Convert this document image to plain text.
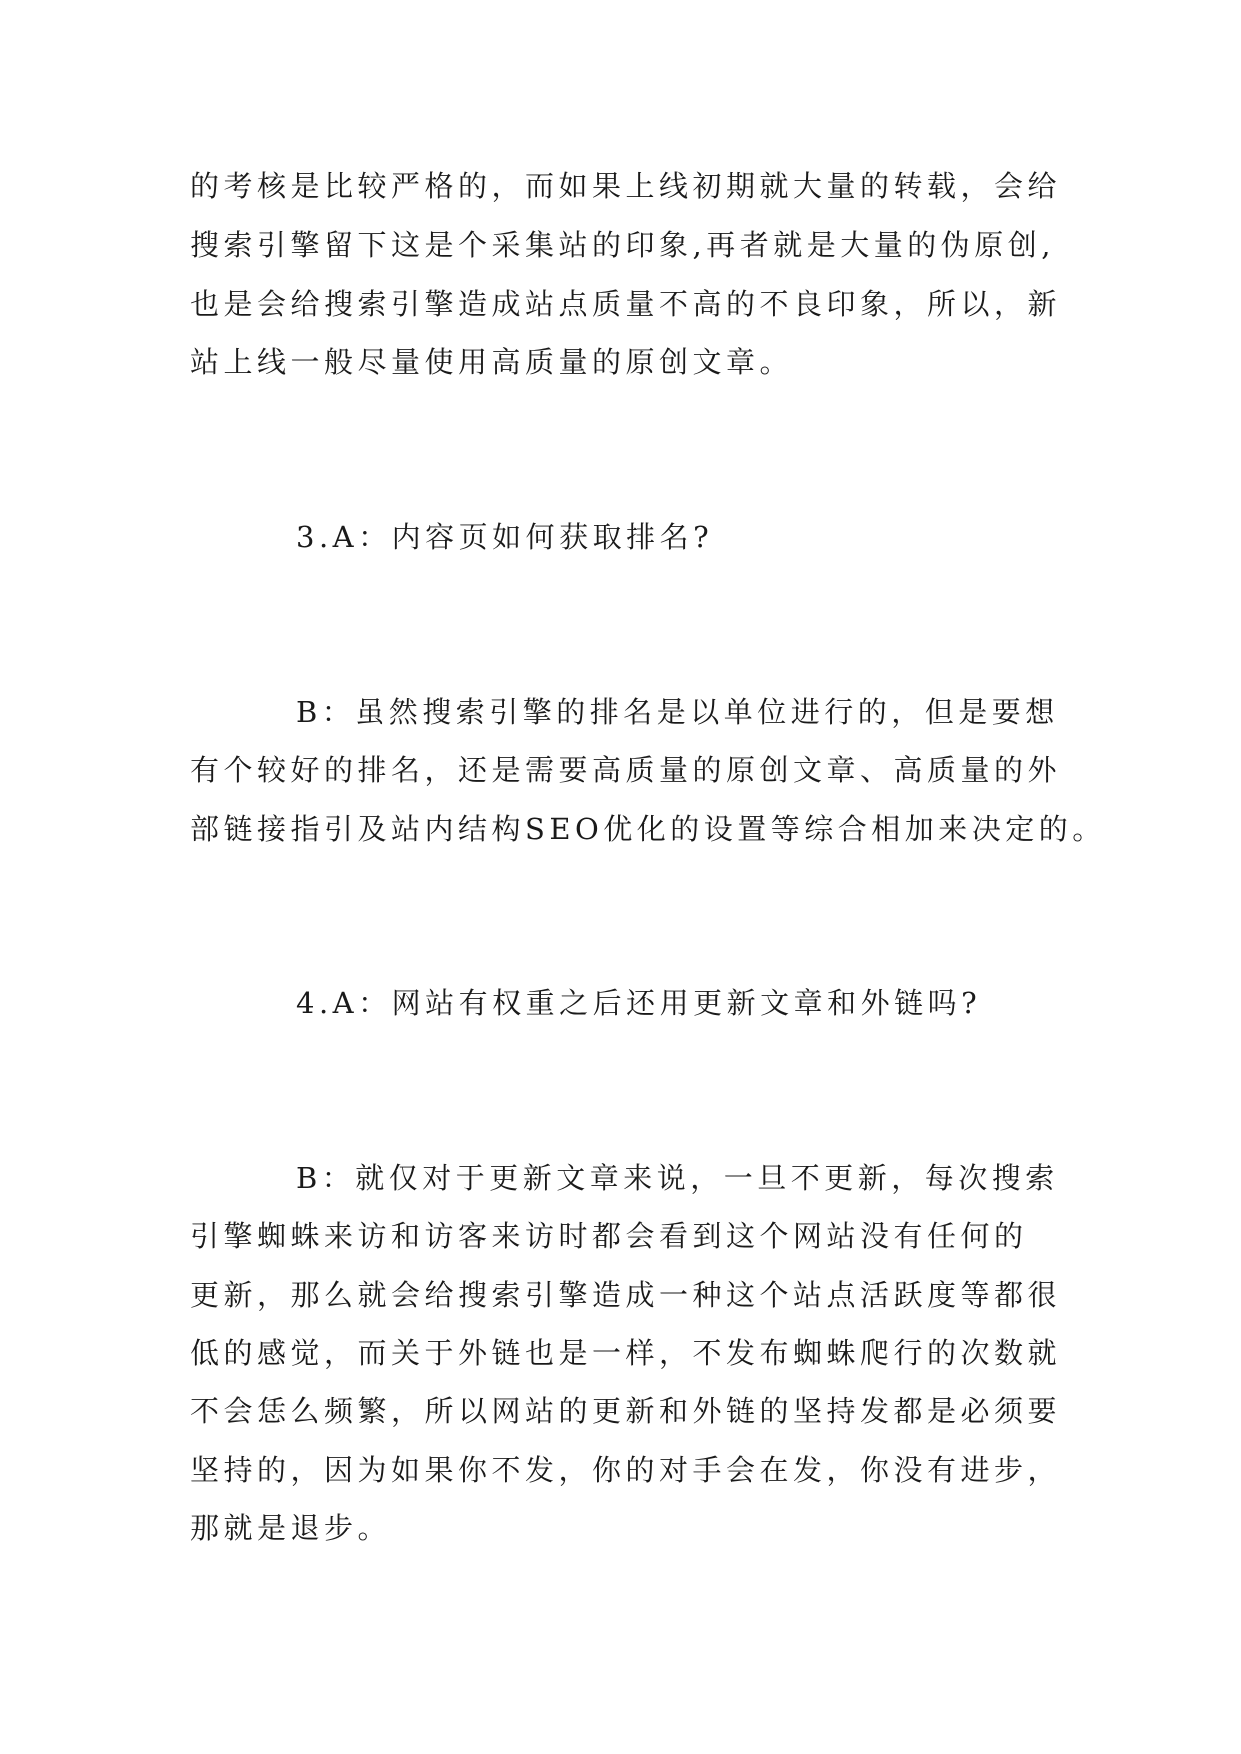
的考核是比较严格的，而如果上线初期就大量的转载，会给
搜索引擎留下这是个采集站的印象,再者就是大量的伪原创,
也是会给搜索引擎造成站点质量不高的不良印象，所以，新
站上线一般尽量使用高质量的原创文章。
3.A：内容页如何获取排名?
B：虽然搜索引擎的排名是以单位进行的，但是要想
有个较好的排名，还是需要高质量的原创文章、高质量的外
部链接指引及站内结构SEO优化的设置等综合相加来决定的。
4.A：网站有权重之后还用更新文章和外链吗?
B：就仅对于更新文章来说，一旦不更新，每次搜索
引擎蜘蛛来访和访客来访时都会看到这个网站没有任何的
更新，那么就会给搜索引擎造成一种这个站点活跃度等都很
低的感觉，而关于外链也是一样，不发布蜘蛛爬行的次数就
不会恁么频繁，所以网站的更新和外链的坚持发都是必须要
坚持的，因为如果你不发，你的对手会在发，你没有进步，
那就是退步。
